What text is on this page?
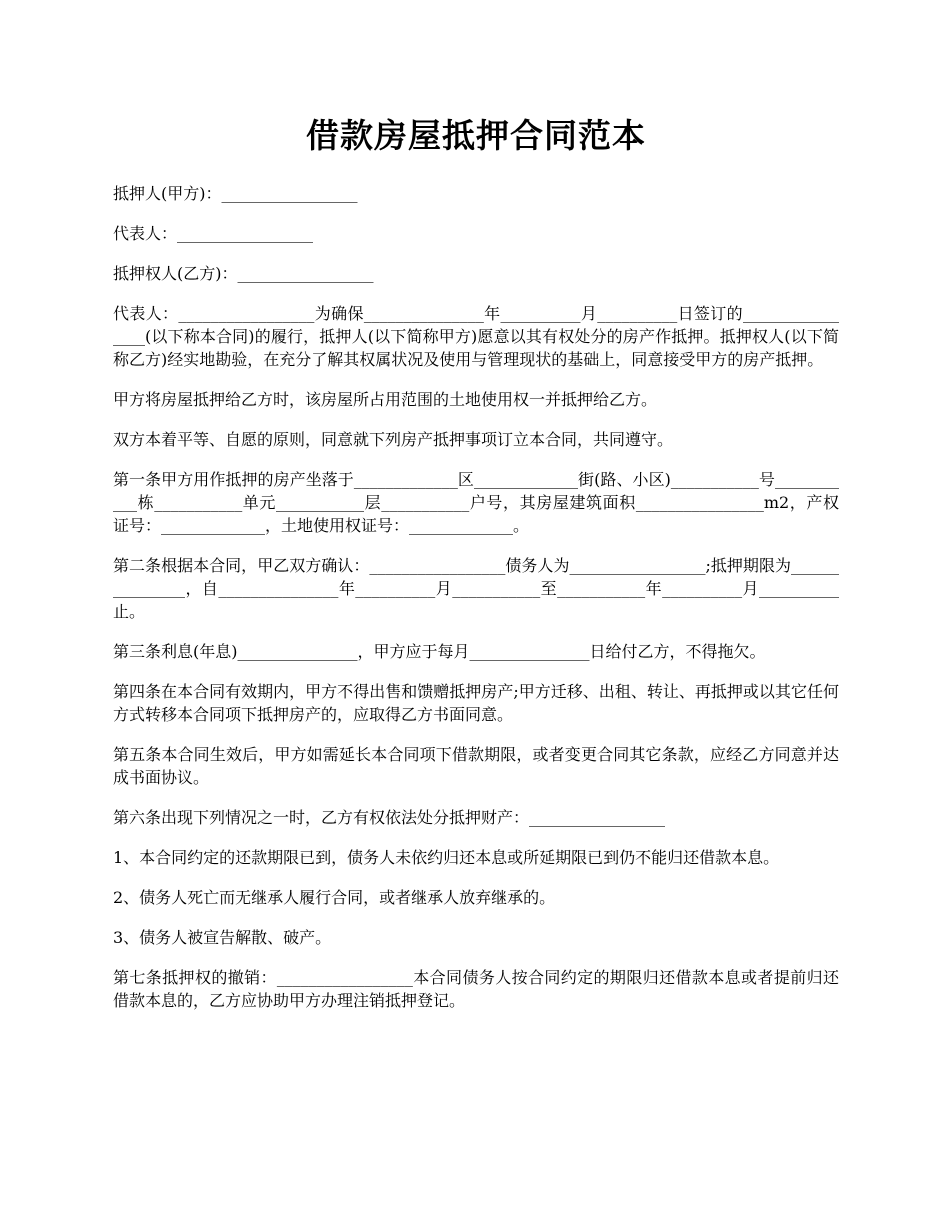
借款房屋抵押合同范本

抵押人(甲方)：_________________

代表人：_________________

抵押权人(乙方)：_________________

代表人：_________________为确保_______________年__________月__________日签订的________________(以下称本合同)的履行，抵押人(以下简称甲方)愿意以其有权处分的房产作抵押。抵押权人(以下简称乙方)经实地勘验，在充分了解其权属状况及使用与管理现状的基础上，同意接受甲方的房产抵押。

甲方将房屋抵押给乙方时，该房屋所占用范围的土地使用权一并抵押给乙方。

双方本着平等、自愿的原则，同意就下列房产抵押事项订立本合同，共同遵守。

第一条甲方用作抵押的房产坐落于_____________区_____________街(路、小区)___________号___________栋___________单元___________层___________户号，其房屋建筑面积________________m2，产权证号：_____________，土地使用权证号：_____________。

第二条根据本合同，甲乙双方确认：_________________债务人为_________________;抵押期限为_______________，自_______________年__________月___________至___________年__________月__________止。

第三条利息(年息)_______________，甲方应于每月_______________日给付乙方，不得拖欠。

第四条在本合同有效期内，甲方不得出售和馈赠抵押房产;甲方迁移、出租、转让、再抵押或以其它任何方式转移本合同项下抵押房产的，应取得乙方书面同意。

第五条本合同生效后，甲方如需延长本合同项下借款期限，或者变更合同其它条款，应经乙方同意并达成书面协议。

第六条出现下列情况之一时，乙方有权依法处分抵押财产：_________________

1、本合同约定的还款期限已到，债务人未依约归还本息或所延期限已到仍不能归还借款本息。

2、债务人死亡而无继承人履行合同，或者继承人放弃继承的。

3、债务人被宣告解散、破产。

第七条抵押权的撤销：_________________本合同债务人按合同约定的期限归还借款本息或者提前归还借款本息的，乙方应协助甲方办理注销抵押登记。
